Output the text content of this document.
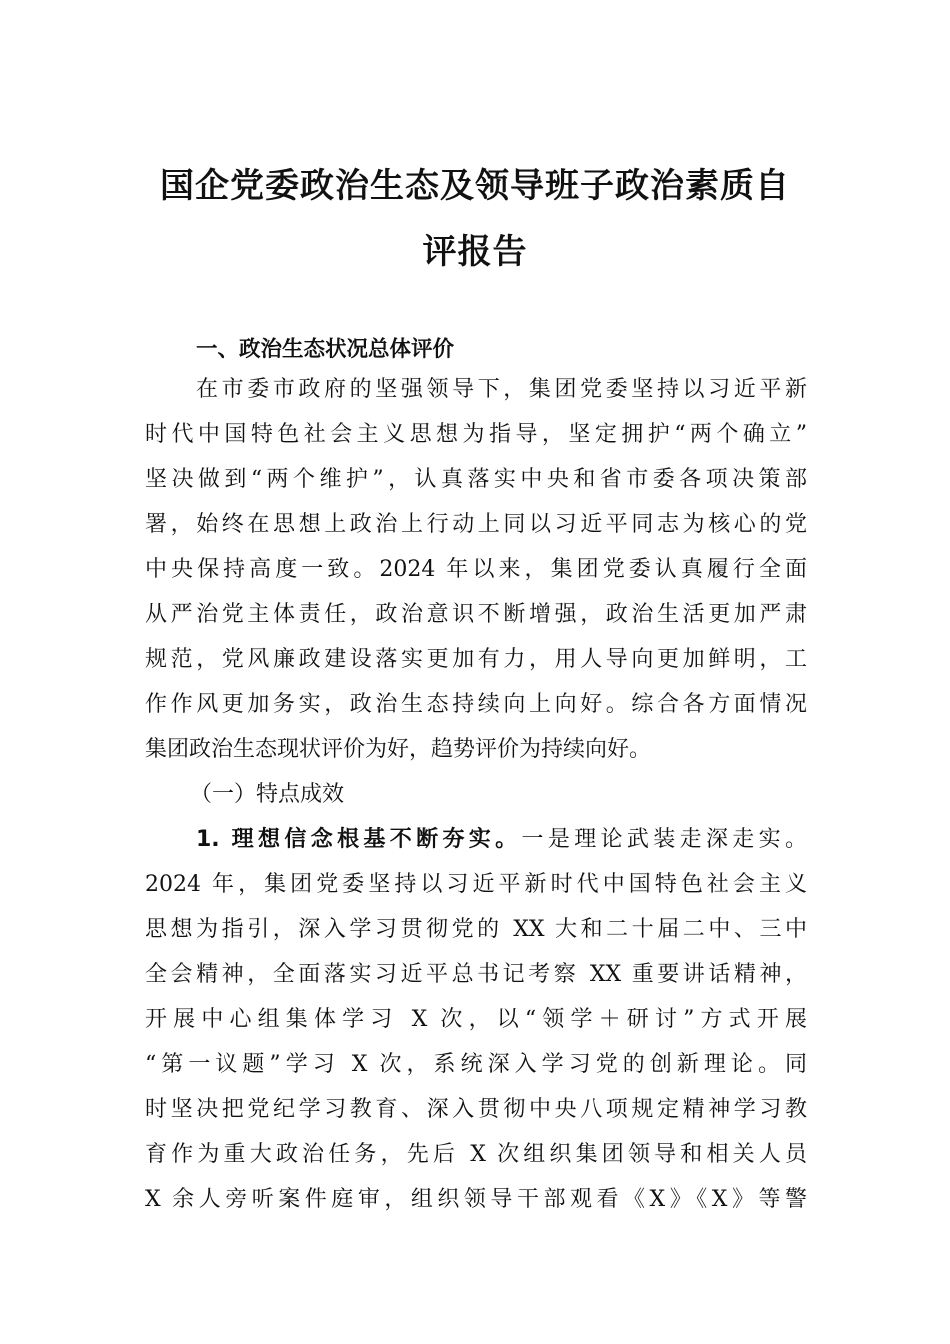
国企党委政治生态及领导班子政治素质自
评报告
一、政治生态状况总体评价
在市委市政府的坚强领导下，集团党委坚持以习近平新
时代中国特色社会主义思想为指导，坚定拥护“两个确立”
坚决做到“两个维护”，认真落实中央和省市委各项决策部
署，始终在思想上政治上行动上同以习近平同志为核心的党
中央保持高度一致。2024 年以来，集团党委认真履行全面
从严治党主体责任，政治意识不断增强，政治生活更加严肃
规范，党风廉政建设落实更加有力，用人导向更加鲜明，工
作作风更加务实，政治生态持续向上向好。综合各方面情况
集团政治生态现状评价为好，趋势评价为持续向好。
（一）特点成效
1. 理想信念根基不断夯实。一是理论武装走深走实。
2024 年，集团党委坚持以习近平新时代中国特色社会主义
思想为指引，深入学习贯彻党的 XX 大和二十届二中、三中
全会精神，全面落实习近平总书记考察 XX 重要讲话精神，
开展中心组集体学习 X 次，以“领学＋研讨”方式开展
“第一议题”学习 X 次，系统深入学习党的创新理论。同
时坚决把党纪学习教育、深入贯彻中央八项规定精神学习教
育作为重大政治任务，先后 X 次组织集团领导和相关人员
X 余人旁听案件庭审，组织领导干部观看《X》《X》等警
